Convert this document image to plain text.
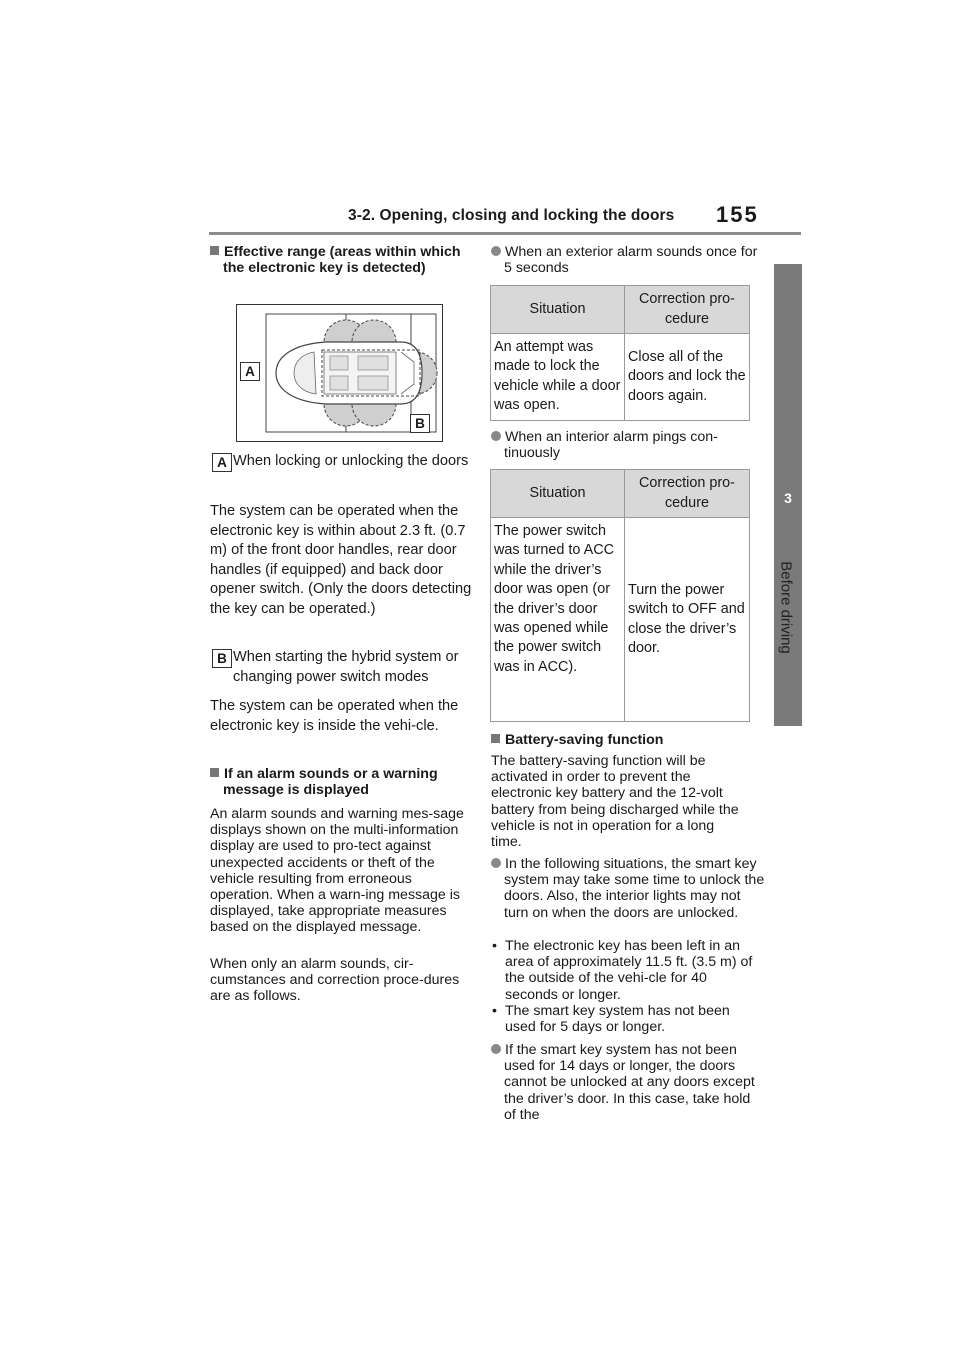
3-2. Opening, closing and locking the doors 155
3
Before driving
Effective range (areas within which the electronic key is detected)
A
B
A When locking or unlocking the doors
The system can be operated when the electronic key is within about 2.3 ft. (0.7 m) of the front door handles, rear door handles (if equipped) and back door opener switch. (Only the doors detecting the key can be operated.)
B When starting the hybrid system or changing power switch modes
The system can be operated when the electronic key is inside the vehi-cle.
If an alarm sounds or a warning message is displayed
An alarm sounds and warning mes-sage displays shown on the multi-information display are used to pro-tect against unexpected accidents or theft of the vehicle resulting from erroneous operation. When a warn-ing message is displayed, take appropriate measures based on the displayed message.
When only an alarm sounds, cir-cumstances and correction proce-dures are as follows.
When an exterior alarm sounds once for 5 seconds
Situation	Correction pro-cedure
An attempt was made to lock the vehicle while a door was open.	Close all of the doors and lock the doors again.
When an interior alarm pings con-tinuously
Situation	Correction pro-cedure
The power switch was turned to ACC while the driver’s door was open (or the driver’s door was opened while the power switch was in ACC).	Turn the power switch to OFF and close the driver’s door.
Battery-saving function
The battery-saving function will be activated in order to prevent the electronic key battery and the 12-volt battery from being discharged while the vehicle is not in operation for a long time.
In the following situations, the smart key system may take some time to unlock the doors. Also, the interior lights may not turn on when the doors are unlocked.
• The electronic key has been left in an area of approximately 11.5 ft. (3.5 m) of the outside of the vehi-cle for 40 seconds or longer.
• The smart key system has not been used for 5 days or longer.
If the smart key system has not been used for 14 days or longer, the doors cannot be unlocked at any doors except the driver’s door. In this case, take hold of the
